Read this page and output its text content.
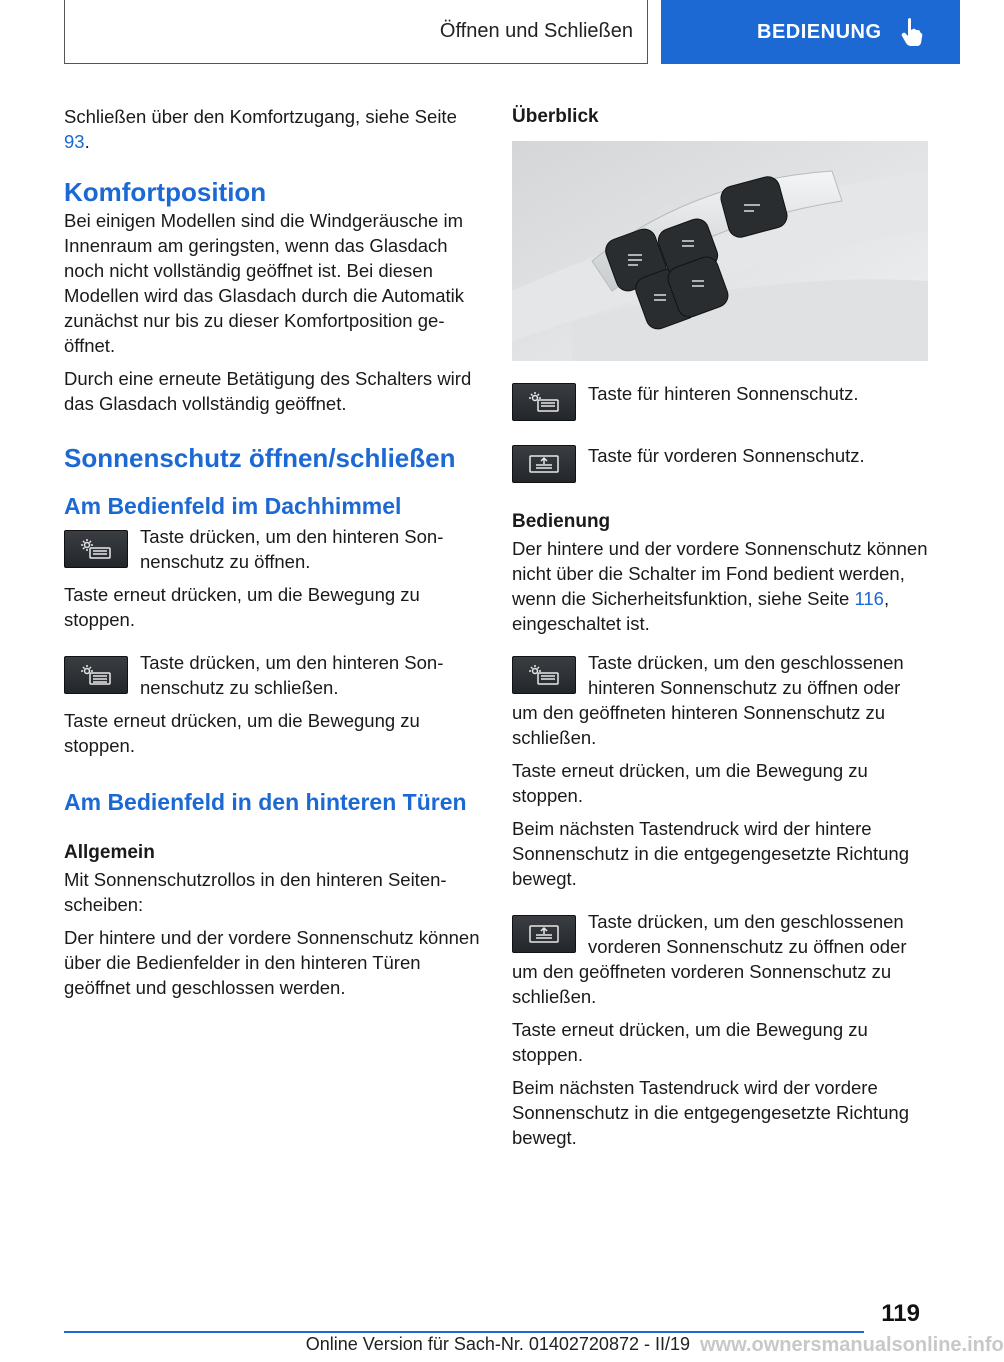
Öffnen und Schließen	BEDIENUNG

Schließen über den Komfortzugang, siehe Seite 93.

Komfortposition

Bei einigen Modellen sind die Windgeräusche im Innenraum am geringsten, wenn das Glasdach noch nicht vollständig geöffnet ist. Bei diesen Modellen wird das Glasdach durch die Automatik zunächst nur bis zu dieser Komfortposition geöffnet.

Durch eine erneute Betätigung des Schalters wird das Glasdach vollständig geöffnet.

Sonnenschutz öffnen/schließen
Am Bedienfeld im Dachhimmel

Taste drücken, um den hinteren Sonnenschutz zu öffnen.

Taste erneut drücken, um die Bewegung zu stoppen.

Taste drücken, um den hinteren Sonnenschutz zu schließen.

Taste erneut drücken, um die Bewegung zu stoppen.

Am Bedienfeld in den hinteren Türen
Allgemein

Mit Sonnenschutzrollos in den hinteren Seitenscheiben:

Der hintere und der vordere Sonnenschutz können über die Bedienfelder in den hinteren Türen geöffnet und geschlossen werden.

Überblick

Taste für hinteren Sonnenschutz.

Taste für vorderen Sonnenschutz.

Bedienung

Der hintere und der vordere Sonnenschutz können nicht über die Schalter im Fond bedient werden, wenn die Sicherheitsfunktion, siehe Seite 116, eingeschaltet ist.

Taste drücken, um den geschlossenen hinteren Sonnenschutz zu öffnen oder um den geöffneten hinteren Sonnenschutz zu schließen.

Taste erneut drücken, um die Bewegung zu stoppen.

Beim nächsten Tastendruck wird der hintere Sonnenschutz in die entgegengesetzte Richtung bewegt.

Taste drücken, um den geschlossenen vorderen Sonnenschutz zu öffnen oder um den geöffneten vorderen Sonnenschutz zu schließen.

Taste erneut drücken, um die Bewegung zu stoppen.

Beim nächsten Tastendruck wird der vordere Sonnenschutz in die entgegengesetzte Richtung bewegt.

119
Online Version für Sach-Nr. 01402720872 - II/19 www.ownersmanualsonline.info
